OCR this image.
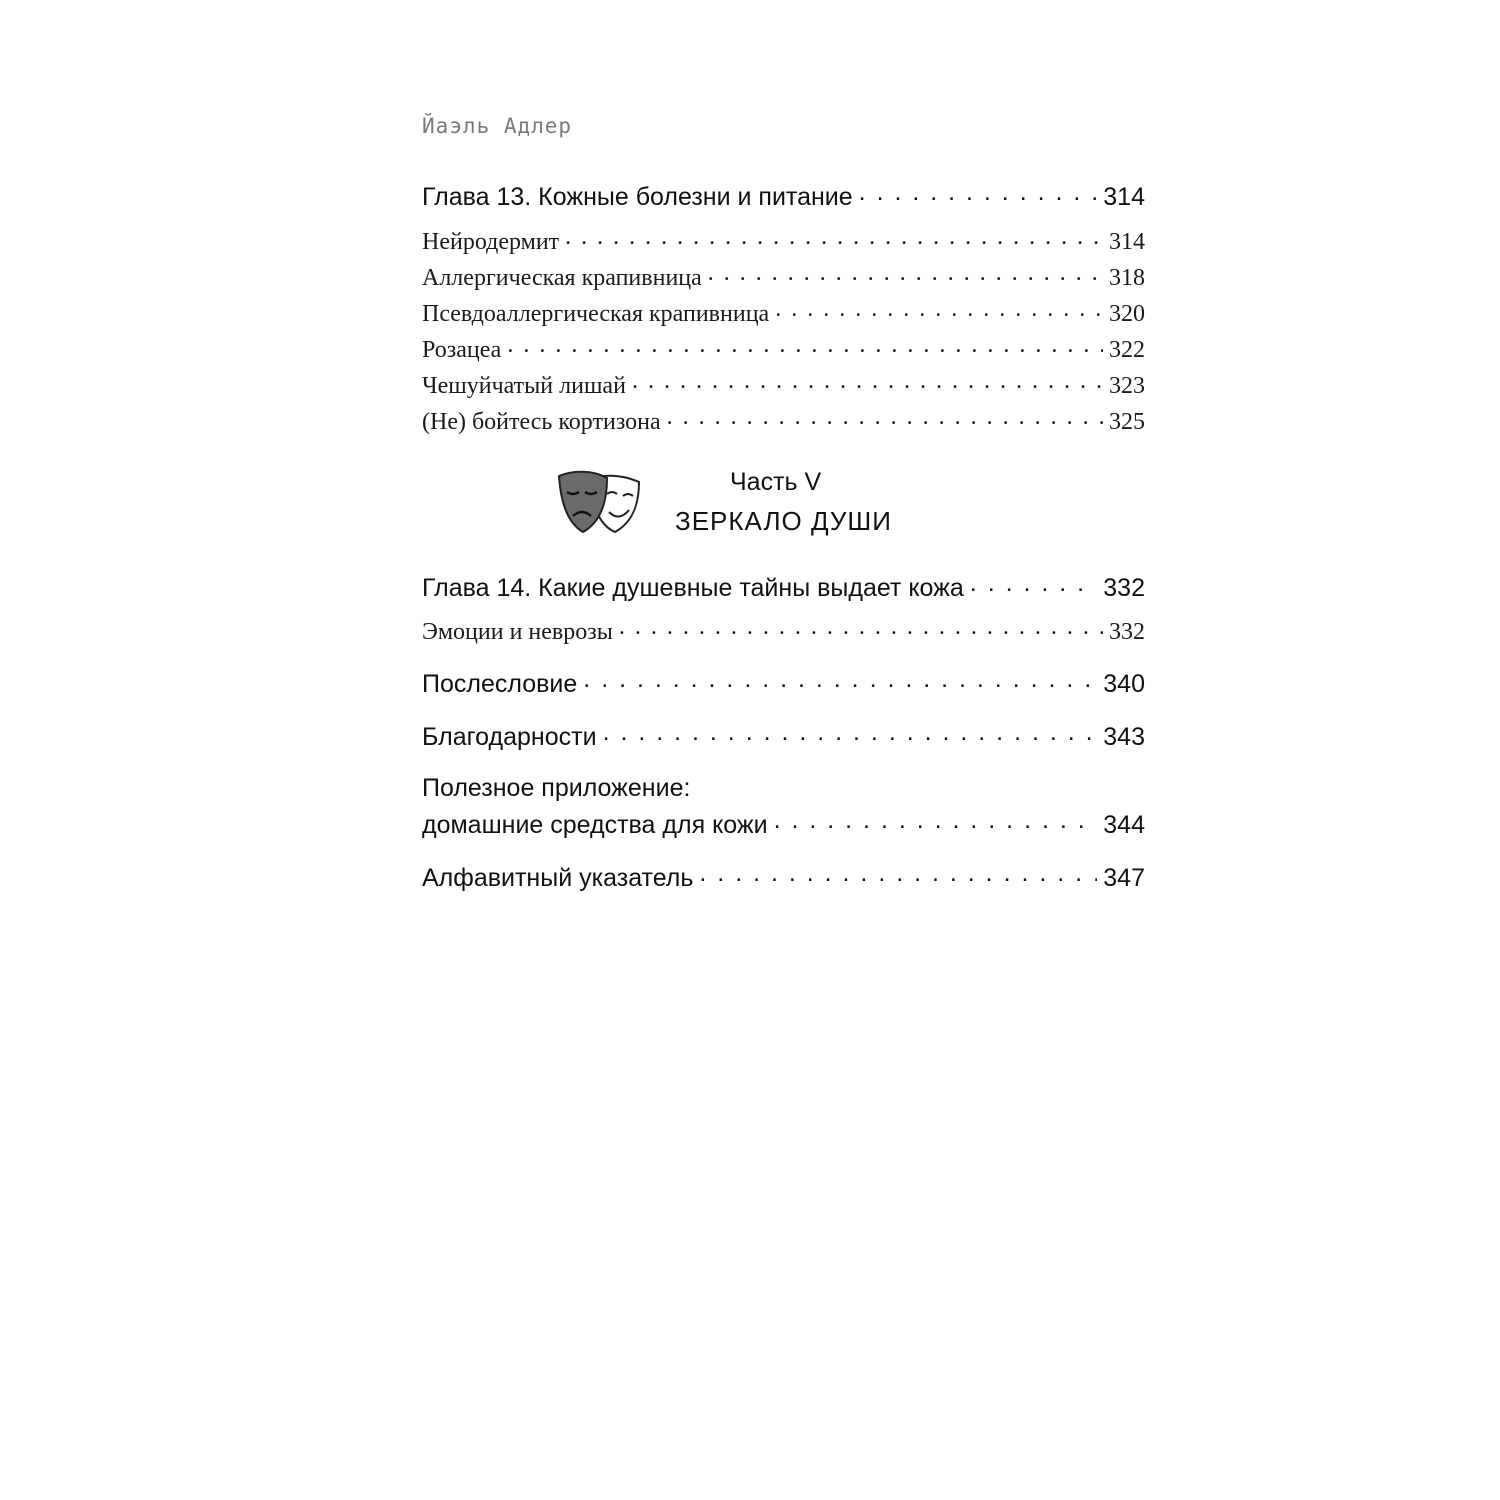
Йаэль Адлер
Глава 13. Кожные болезни и питание . . .	314
Нейродермит . . .	314
Аллергическая крапивница . . .	318
Псевдоаллергическая крапивница . . .	320
Розацеа . . .	322
Чешуйчатый лишай . . .	323
(Не) бойтесь кортизона . . .	325
Часть V
ЗЕРКАЛО ДУШИ
Глава 14. Какие душевные тайны выдает кожа . . .	332
Эмоции и неврозы . . .	332
Послесловие . . .	340
Благодарности . . .	343
Полезное приложение:
домашние средства для кожи . . .	344
Алфавитный указатель . . .	347
